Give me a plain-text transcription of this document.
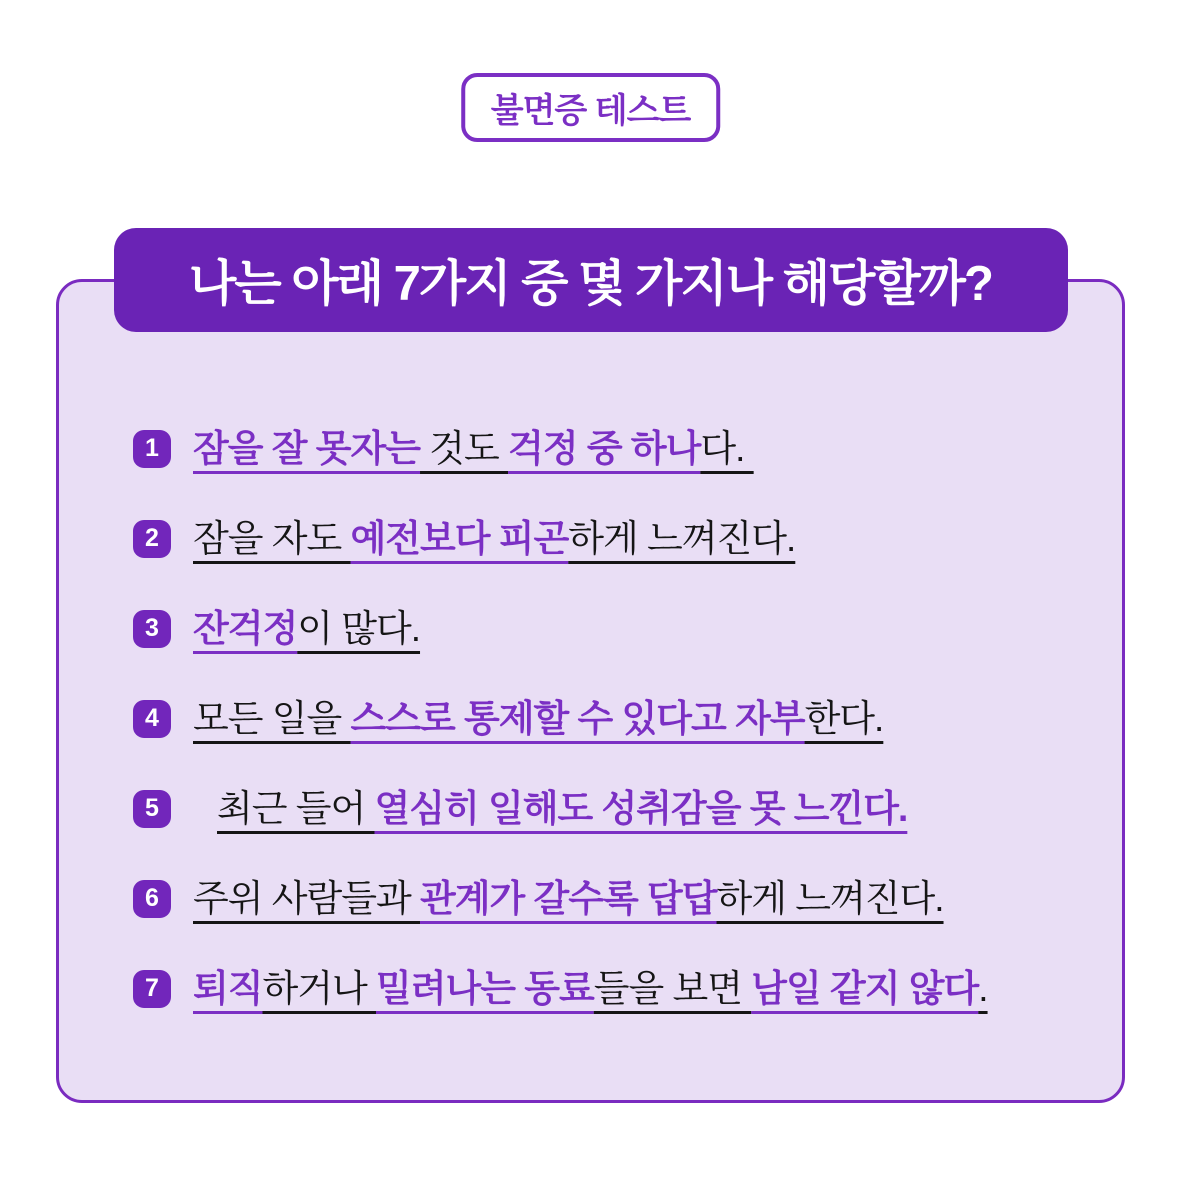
불면증 테스트
나는 아래 7가지 중 몇 가지나 해당할까?
1 잠을 잘 못자는 것도 걱정 중 하나다.
2 잠을 자도 예전보다 피곤하게 느껴진다.
3 잔걱정이 많다.
4 모든 일을 스스로 통제할 수 있다고 자부한다.
5	최근 들어 열심히 일해도 성취감을 못 느낀다.
6 주위 사람들과 관계가 갈수록 답답하게 느껴진다.
7 퇴직하거나 밀려나는 동료들을 보면 남일 같지 않다.
